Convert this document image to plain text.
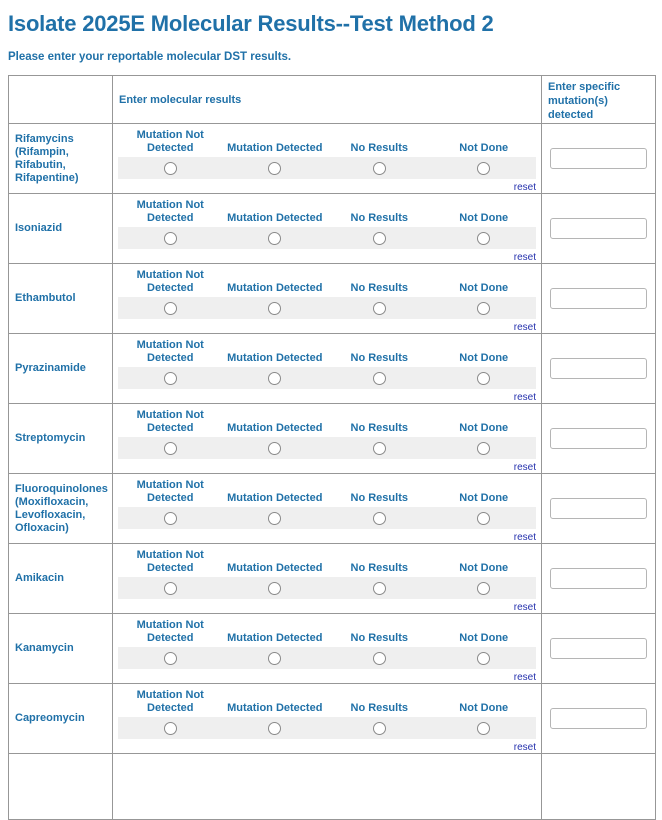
Isolate 2025E Molecular Results--Test Method 2
Please enter your reportable molecular DST results.
	Enter molecular results	Enter specific mutation(s) detected
Rifamycins (Rifampin, Rifabutin, Rifapentine)	Mutation Not Detected Mutation Detected No Results Not Done
reset

Isoniazid	Mutation Not Detected Mutation Detected No Results Not Done
reset

Ethambutol	Mutation Not Detected Mutation Detected No Results Not Done
reset

Pyrazinamide	Mutation Not Detected Mutation Detected No Results Not Done
reset

Streptomycin	Mutation Not Detected Mutation Detected No Results Not Done
reset

Fluoroquinolones (Moxifloxacin, Levofloxacin, Ofloxacin)	Mutation Not Detected Mutation Detected No Results Not Done
reset

Amikacin	Mutation Not Detected Mutation Detected No Results Not Done
reset

Kanamycin	Mutation Not Detected Mutation Detected No Results Not Done
reset

Capreomycin	Mutation Not Detected Mutation Detected No Results Not Done
reset
